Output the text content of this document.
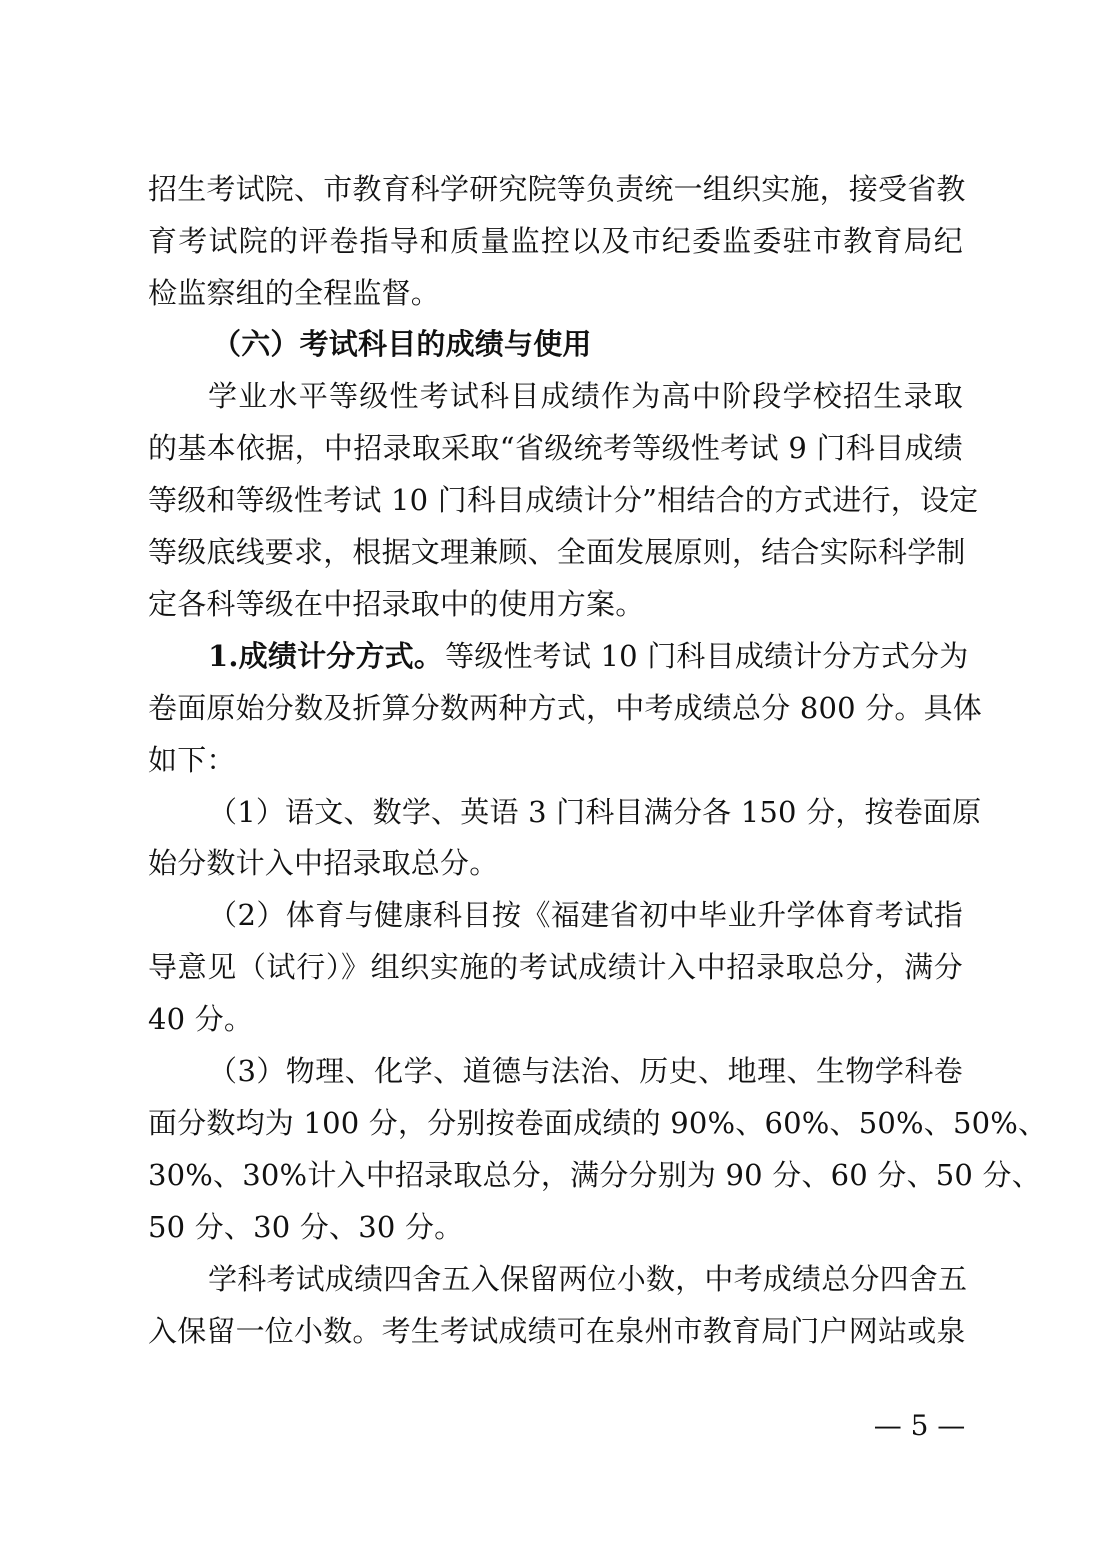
招生考试院、市教育科学研究院等负责统一组织实施，接受省教
育考试院的评卷指导和质量监控以及市纪委监委驻市教育局纪
检监察组的全程监督。
（六）考试科目的成绩与使用
学业水平等级性考试科目成绩作为高中阶段学校招生录取
的基本依据，中招录取采取“省级统考等级性考试 9 门科目成绩
等级和等级性考试 10 门科目成绩计分”相结合的方式进行，设定
等级底线要求，根据文理兼顾、全面发展原则，结合实际科学制
定各科等级在中招录取中的使用方案。
1.成绩计分方式。 等级性考试 10 门科目成绩计分方式分为
卷面原始分数及折算分数两种方式，中考成绩总分 800 分。具体
如下：
（1）语文、数学、英语 3 门科目满分各 150 分，按卷面原
始分数计入中招录取总分。
（2）体育与健康科目按《福建省初中毕业升学体育考试指
导意见（试行）》组织实施的考试成绩计入中招录取总分，满分
40 分。
（3）物理、化学、道德与法治、历史、地理、生物学科卷
面分数均为 100 分，分别按卷面成绩的 90%、60%、50%、50%、
30%、30%计入中招录取总分，满分分别为 90 分、60 分、50 分、
50 分、30 分、30 分。
学科考试成绩四舍五入保留两位小数，中考成绩总分四舍五
入保留一位小数。考生考试成绩可在泉州市教育局门户网站或泉
— 5 —
